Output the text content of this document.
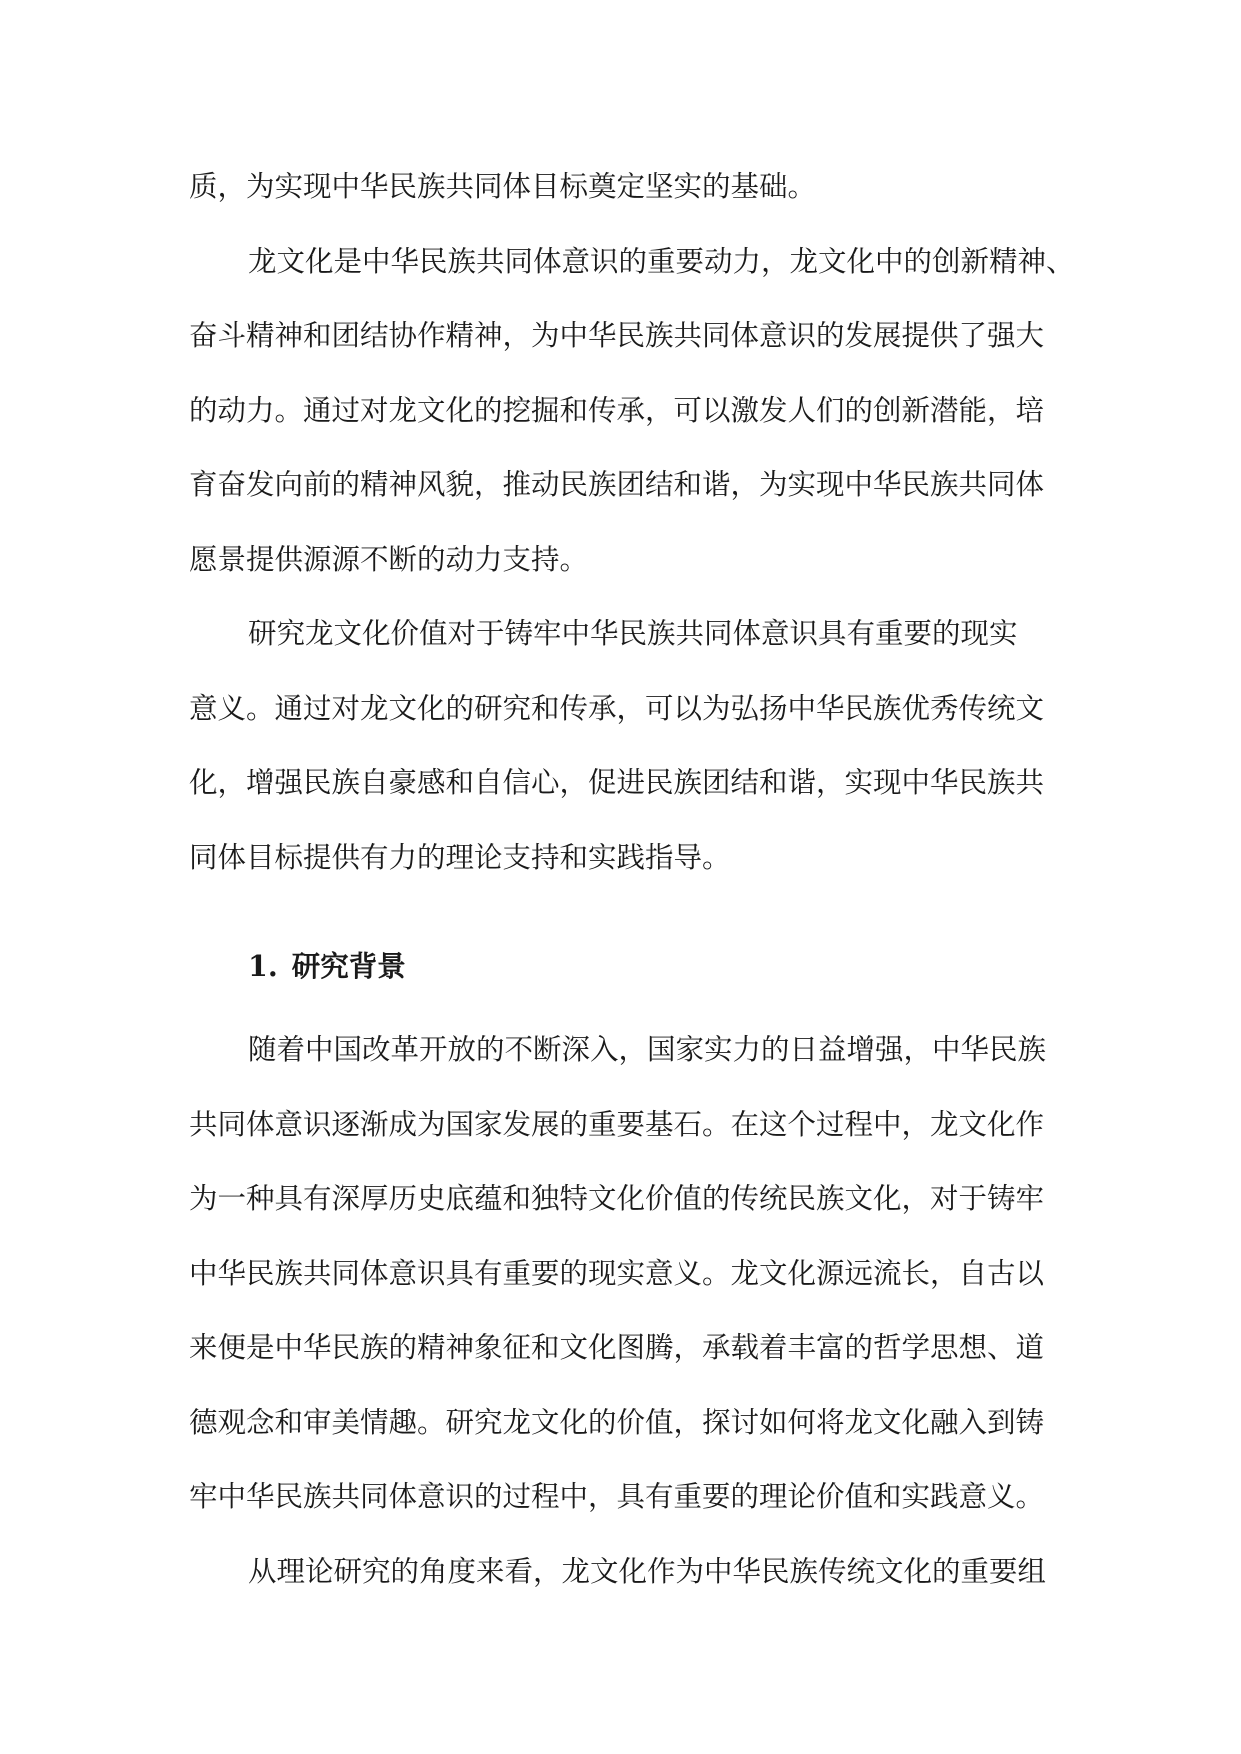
质，为实现中华民族共同体目标奠定坚实的基础。
龙文化是中华民族共同体意识的重要动力，龙文化中的创新精神、
奋斗精神和团结协作精神，为中华民族共同体意识的发展提供了强大
的动力。通过对龙文化的挖掘和传承，可以激发人们的创新潜能，培
育奋发向前的精神风貌，推动民族团结和谐，为实现中华民族共同体
愿景提供源源不断的动力支持。
研究龙文化价值对于铸牢中华民族共同体意识具有重要的现实
意义。通过对龙文化的研究和传承，可以为弘扬中华民族优秀传统文
化，增强民族自豪感和自信心，促进民族团结和谐，实现中华民族共
同体目标提供有力的理论支持和实践指导。
1. 研究背景
随着中国改革开放的不断深入，国家实力的日益增强，中华民族
共同体意识逐渐成为国家发展的重要基石。在这个过程中，龙文化作
为一种具有深厚历史底蕴和独特文化价值的传统民族文化，对于铸牢
中华民族共同体意识具有重要的现实意义。龙文化源远流长，自古以
来便是中华民族的精神象征和文化图腾，承载着丰富的哲学思想、道
德观念和审美情趣。研究龙文化的价值，探讨如何将龙文化融入到铸
牢中华民族共同体意识的过程中，具有重要的理论价值和实践意义。
从理论研究的角度来看，龙文化作为中华民族传统文化的重要组
